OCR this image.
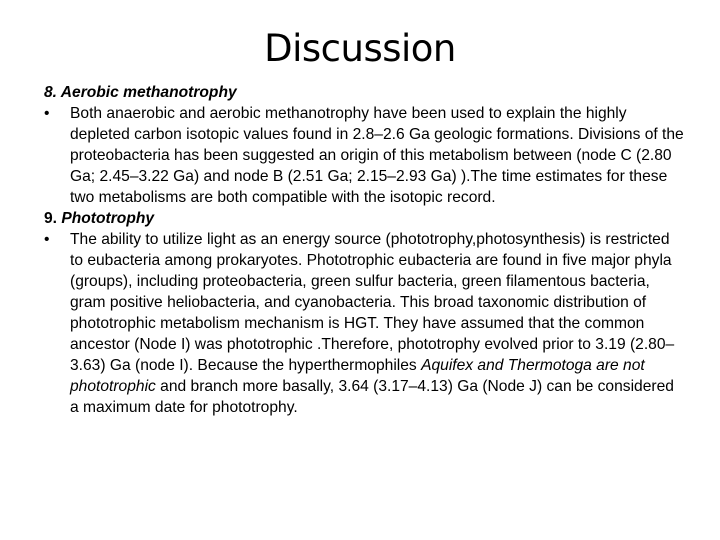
Discussion

8. Aerobic methanotrophy

•	Both anaerobic and aerobic methanotrophy have been used to explain the highly depleted carbon isotopic values found in 2.8–2.6 Ga geologic formations. Divisions of the proteobacteria has been suggested an origin of this metabolism between (node C (2.80 Ga; 2.45–3.22 Ga) and node B (2.51 Ga; 2.15–2.93 Ga) ).The time estimates for these two metabolisms are both compatible with the isotopic record.

9. Phototrophy

•	The ability to utilize light as an energy source (phototrophy,photosynthesis) is restricted to eubacteria among prokaryotes. Phototrophic eubacteria are found in five major phyla (groups), including proteobacteria, green sulfur bacteria, green filamentous bacteria, gram positive heliobacteria, and cyanobacteria. This broad taxonomic distribution of phototrophic metabolism mechanism is HGT. They have assumed that the common ancestor (Node I) was phototrophic .Therefore, phototrophy evolved prior to 3.19 (2.80– 3.63) Ga (node I). Because the hyperthermophiles Aquifex and Thermotoga are not phototrophic and branch more basally, 3.64 (3.17–4.13) Ga (Node J) can be considered a maximum date for phototrophy.
